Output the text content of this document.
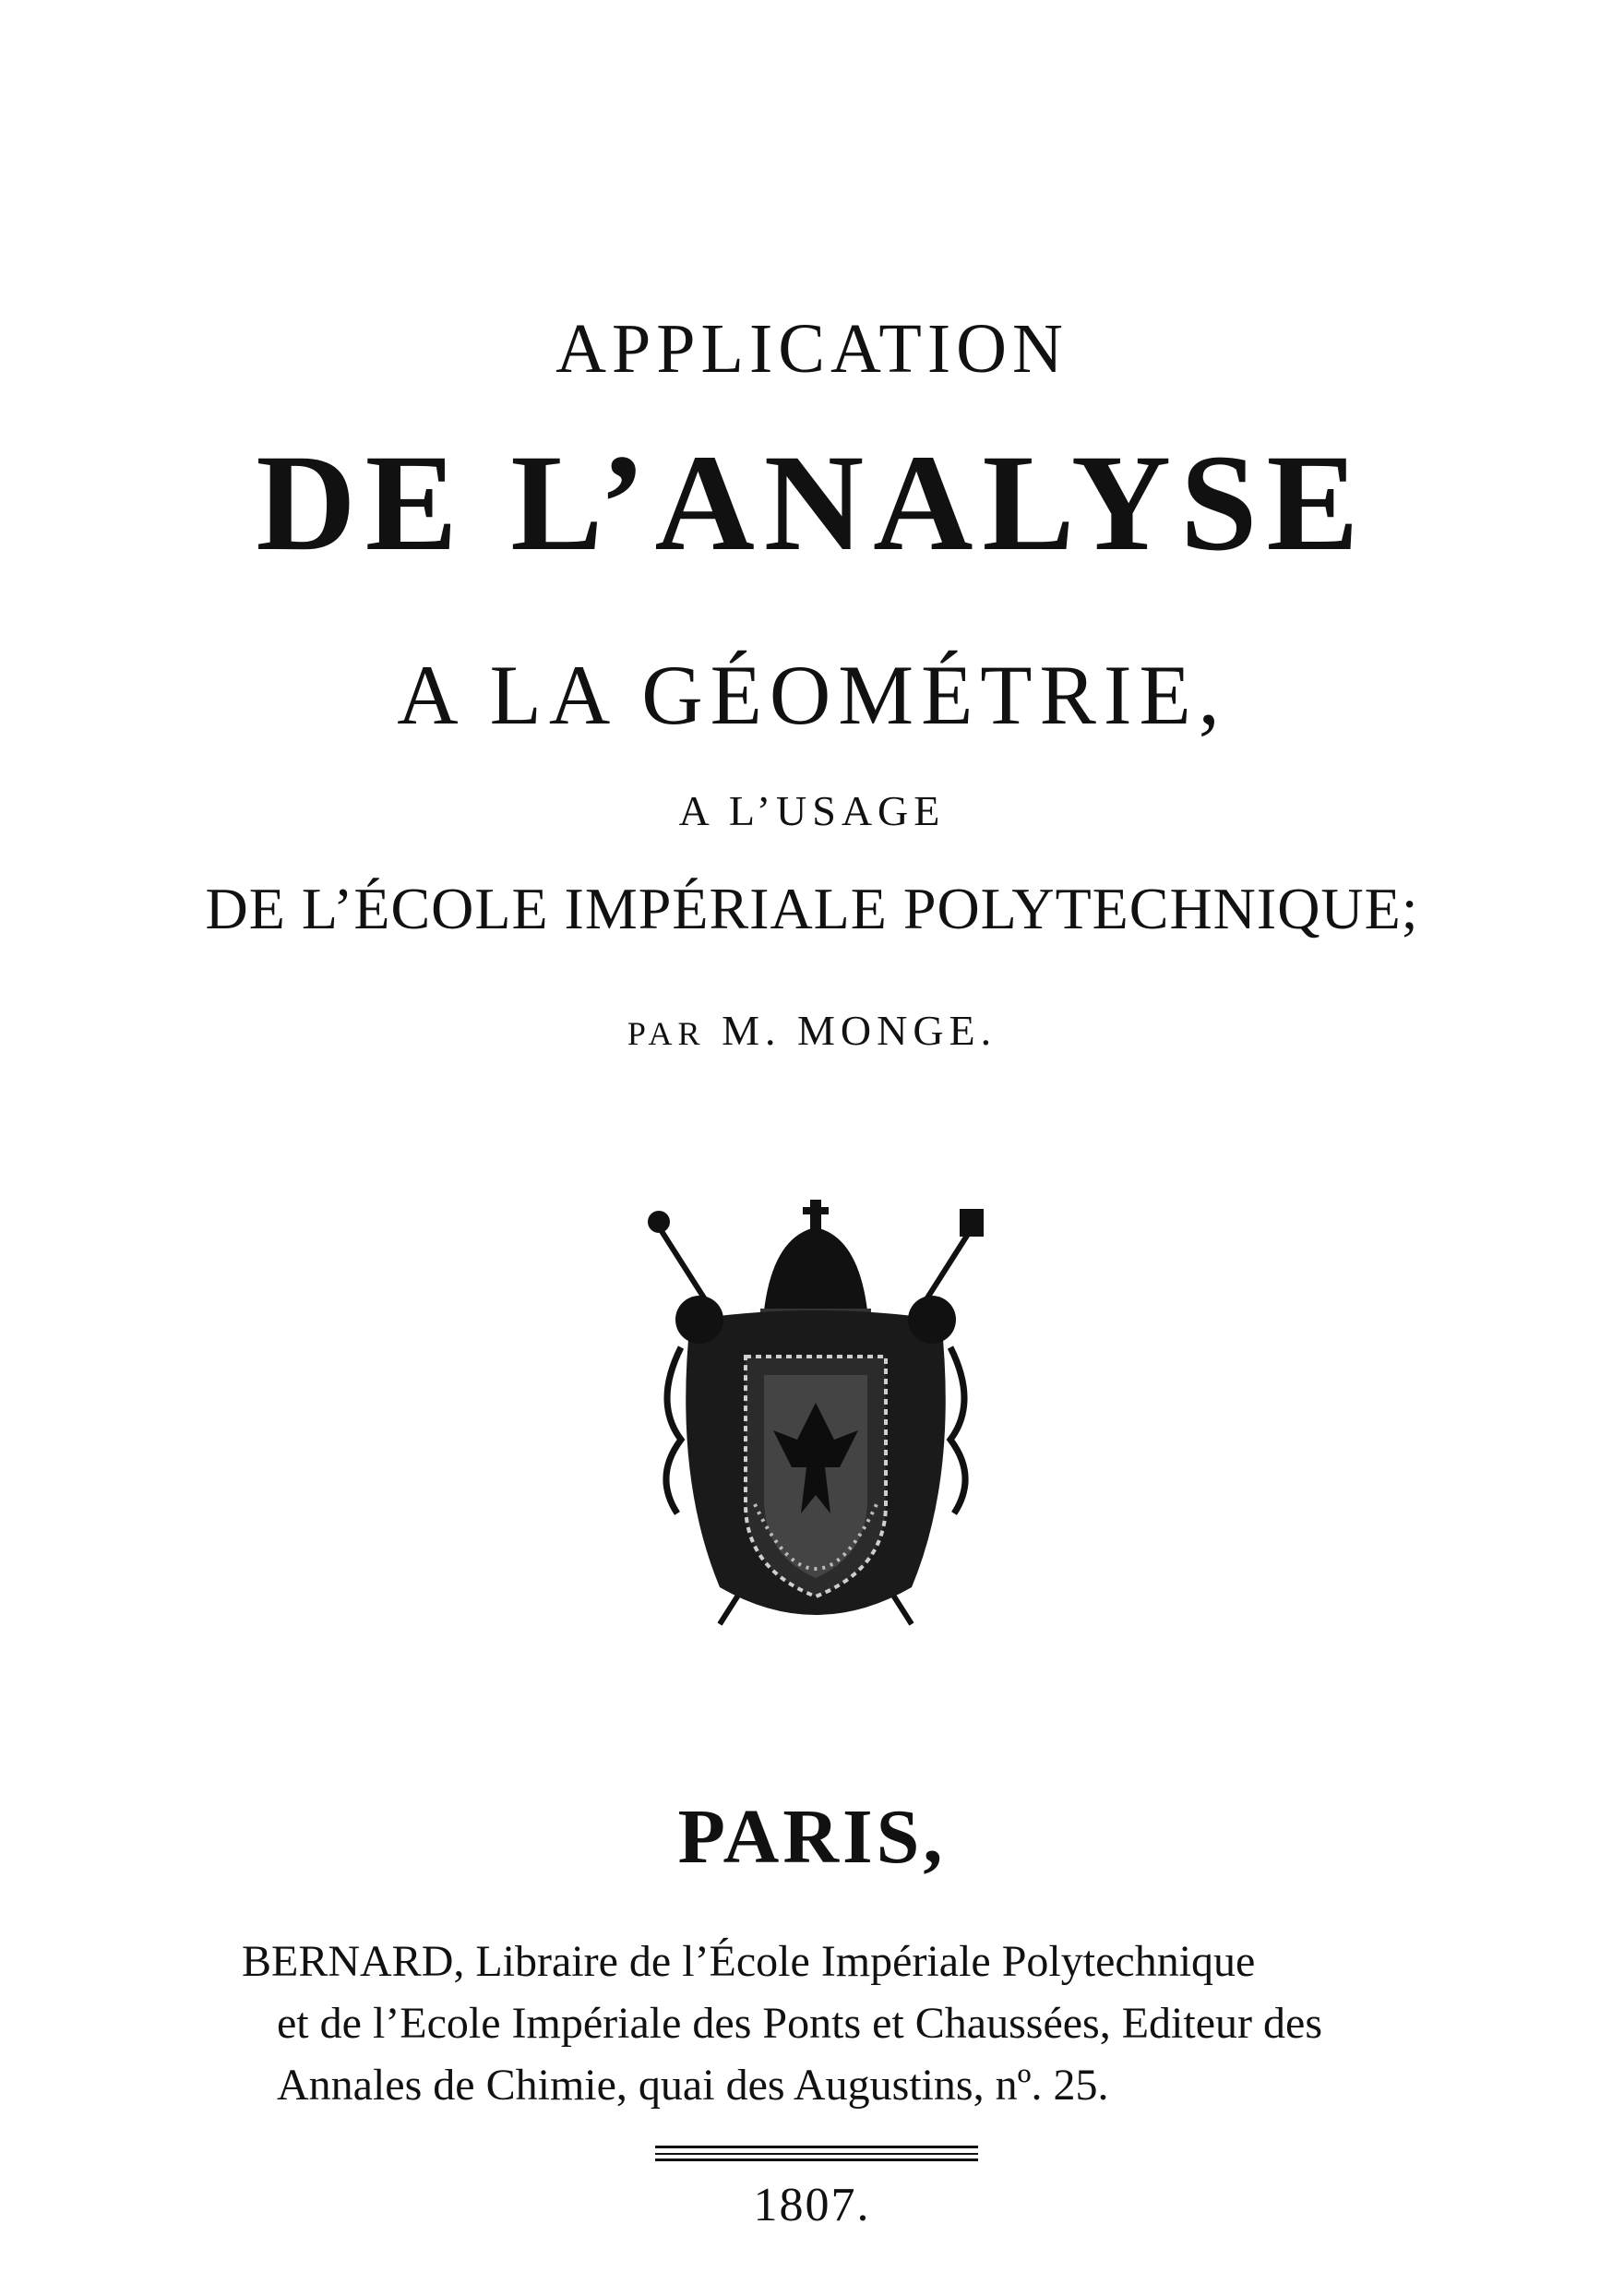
APPLICATION
DE L’ANALYSE
A LA GÉOMÉTRIE,
A L’USAGE
DE L’ÉCOLE IMPÉRIALE POLYTECHNIQUE;
PAR M. MONGE.
PARIS,
BERNARD, Libraire de l’École Impériale Polytechnique
et de l’Ecole Impériale des Ponts et Chaussées, Editeur des
Annales de Chimie, quai des Augustins, nº. 25.
1807.
